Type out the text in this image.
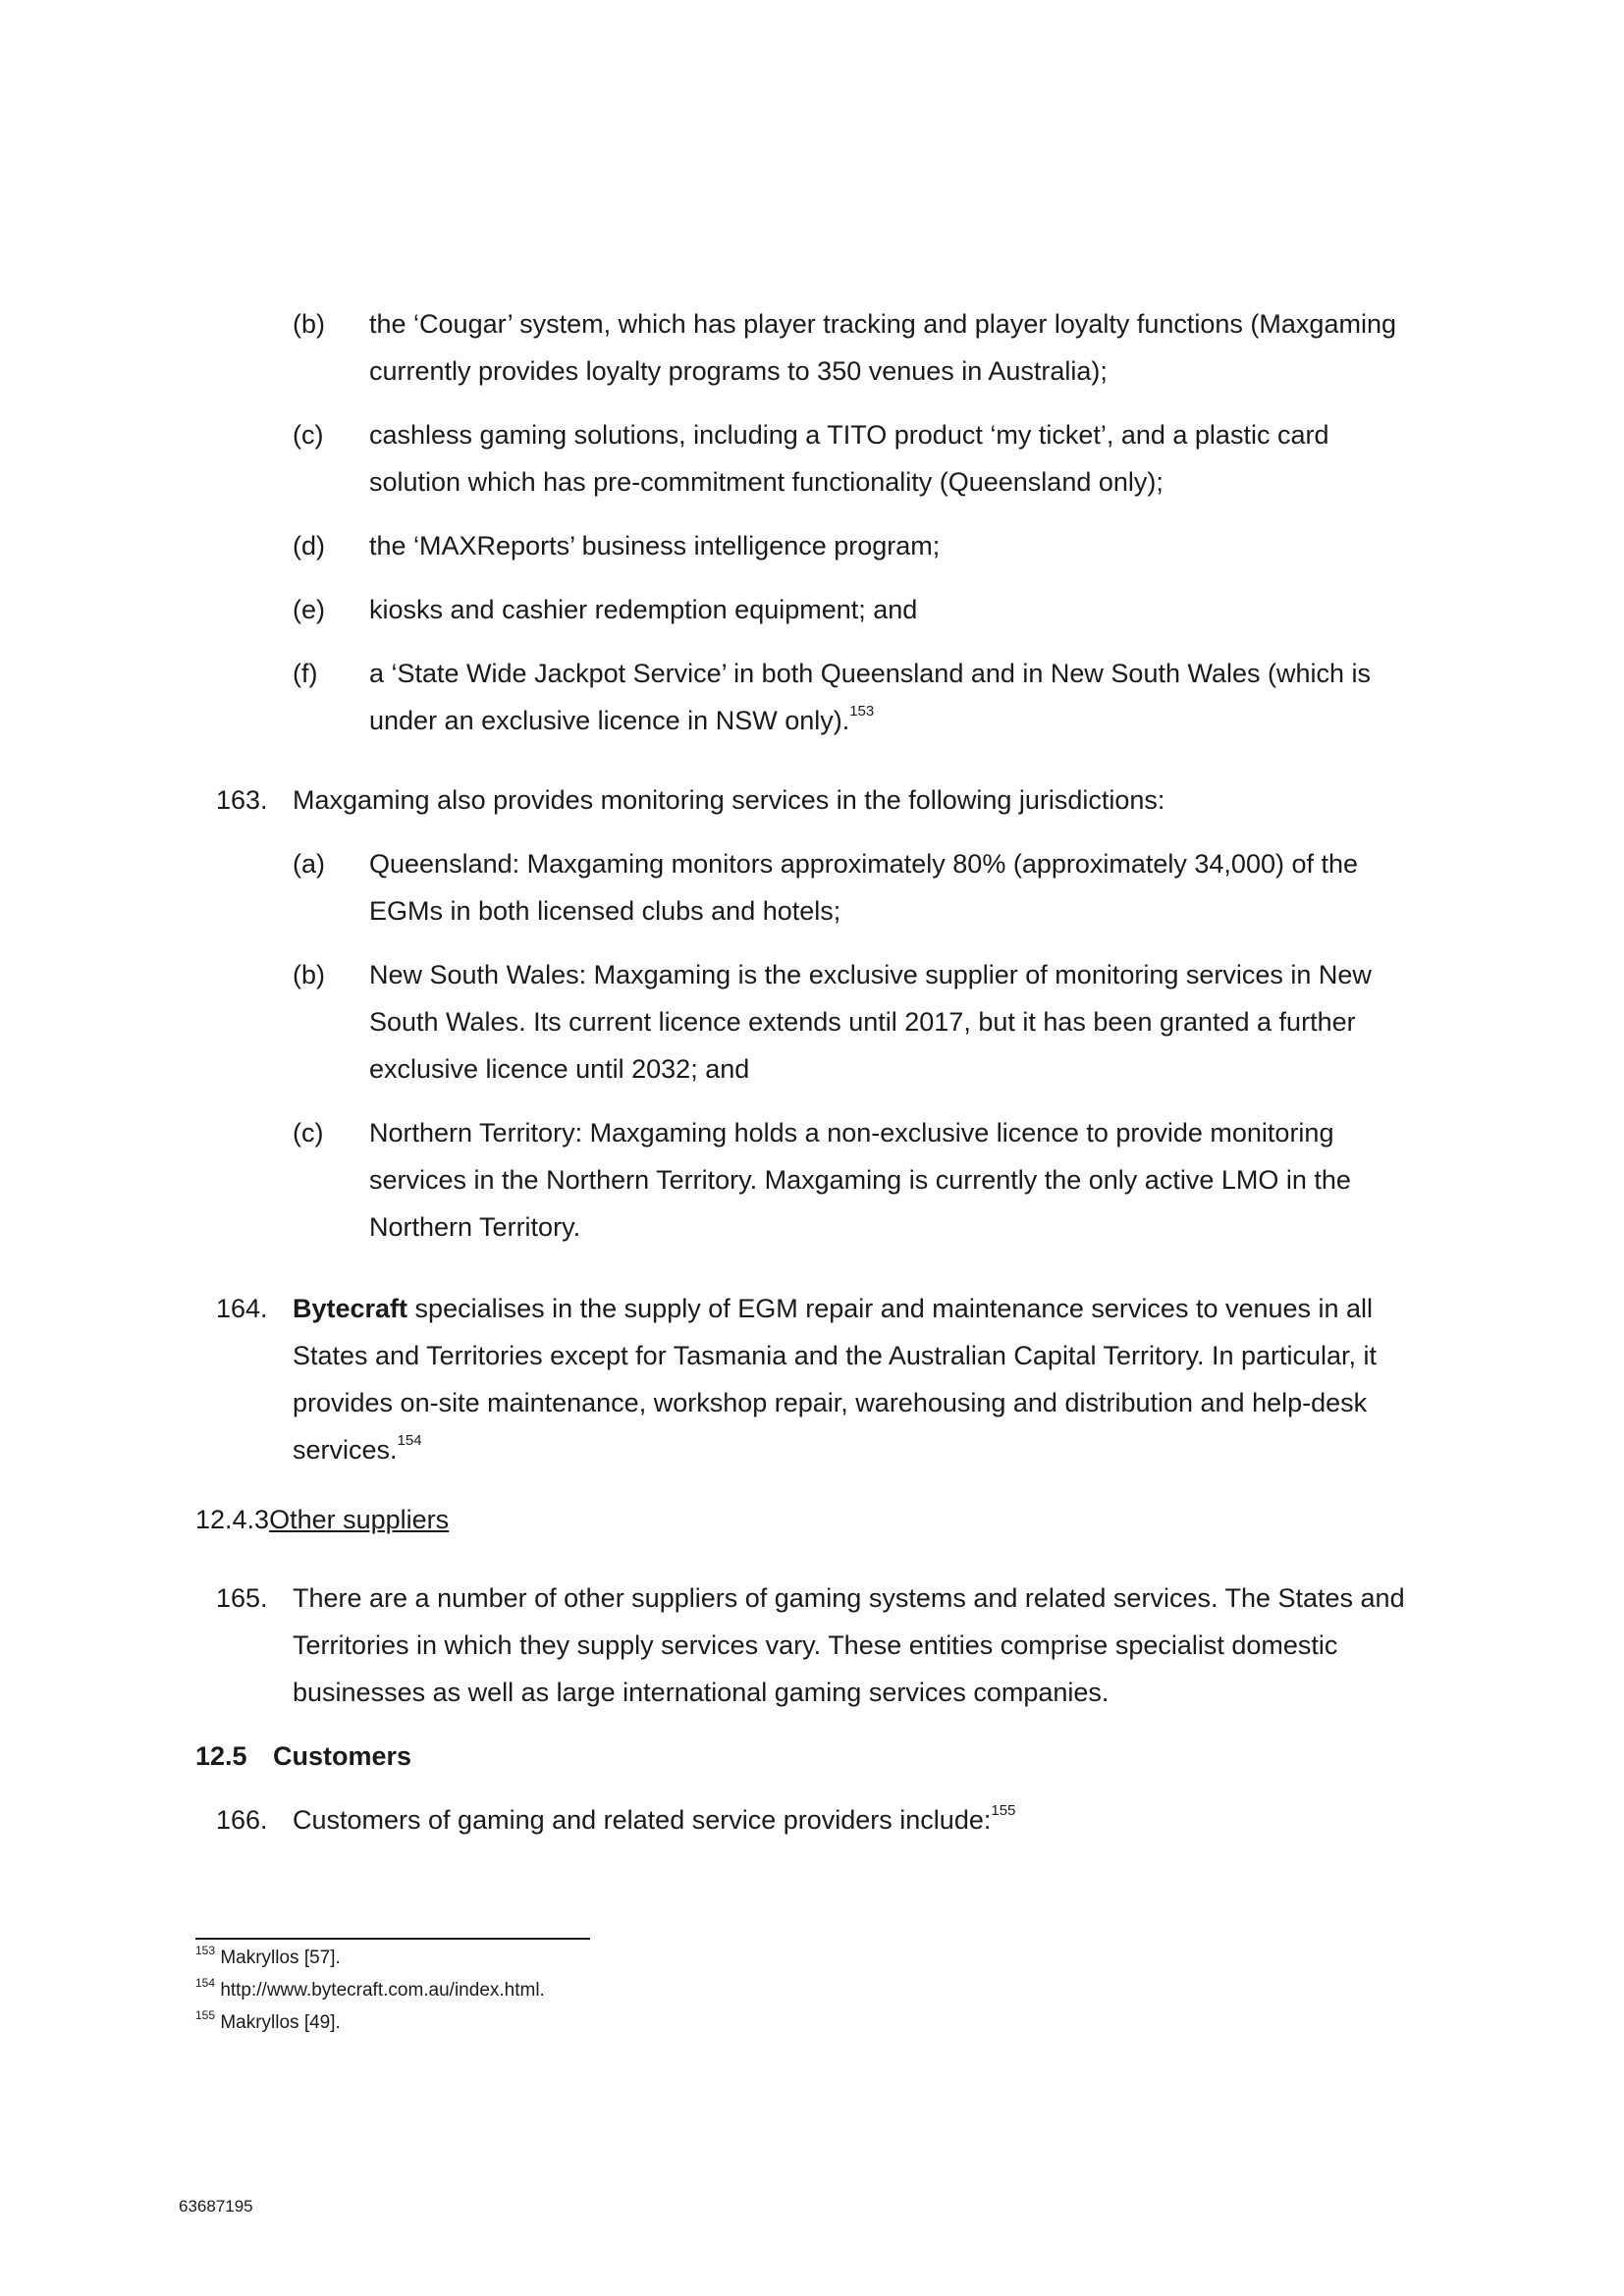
(b) the ‘Cougar’ system, which has player tracking and player loyalty functions (Maxgaming currently provides loyalty programs to 350 venues in Australia);
(c) cashless gaming solutions, including a TITO product ‘my ticket’, and a plastic card solution which has pre-commitment functionality (Queensland only);
(d) the ‘MAXReports’ business intelligence program;
(e) kiosks and cashier redemption equipment; and
(f) a ‘State Wide Jackpot Service’ in both Queensland and in New South Wales (which is under an exclusive licence in NSW only).$^{153}$
163. Maxgaming also provides monitoring services in the following jurisdictions:
(a) Queensland: Maxgaming monitors approximately 80% (approximately 34,000) of the EGMs in both licensed clubs and hotels;
(b) New South Wales: Maxgaming is the exclusive supplier of monitoring services in New South Wales. Its current licence extends until 2017, but it has been granted a further exclusive licence until 2032; and
(c) Northern Territory: Maxgaming holds a non-exclusive licence to provide monitoring services in the Northern Territory. Maxgaming is currently the only active LMO in the Northern Territory.
164. Bytecraft specialises in the supply of EGM repair and maintenance services to venues in all States and Territories except for Tasmania and the Australian Capital Territory. In particular, it provides on-site maintenance, workshop repair, warehousing and distribution and help-desk services.$^{154}$
12.4.3Other suppliers
165. There are a number of other suppliers of gaming systems and related services. The States and Territories in which they supply services vary. These entities comprise specialist domestic businesses as well as large international gaming services companies.
12.5 Customers
166. Customers of gaming and related service providers include:$^{155}$
$^{153}$ Makryllos [57].
$^{154}$ http://www.bytecraft.com.au/index.html.
$^{155}$ Makryllos [49].
63687195
